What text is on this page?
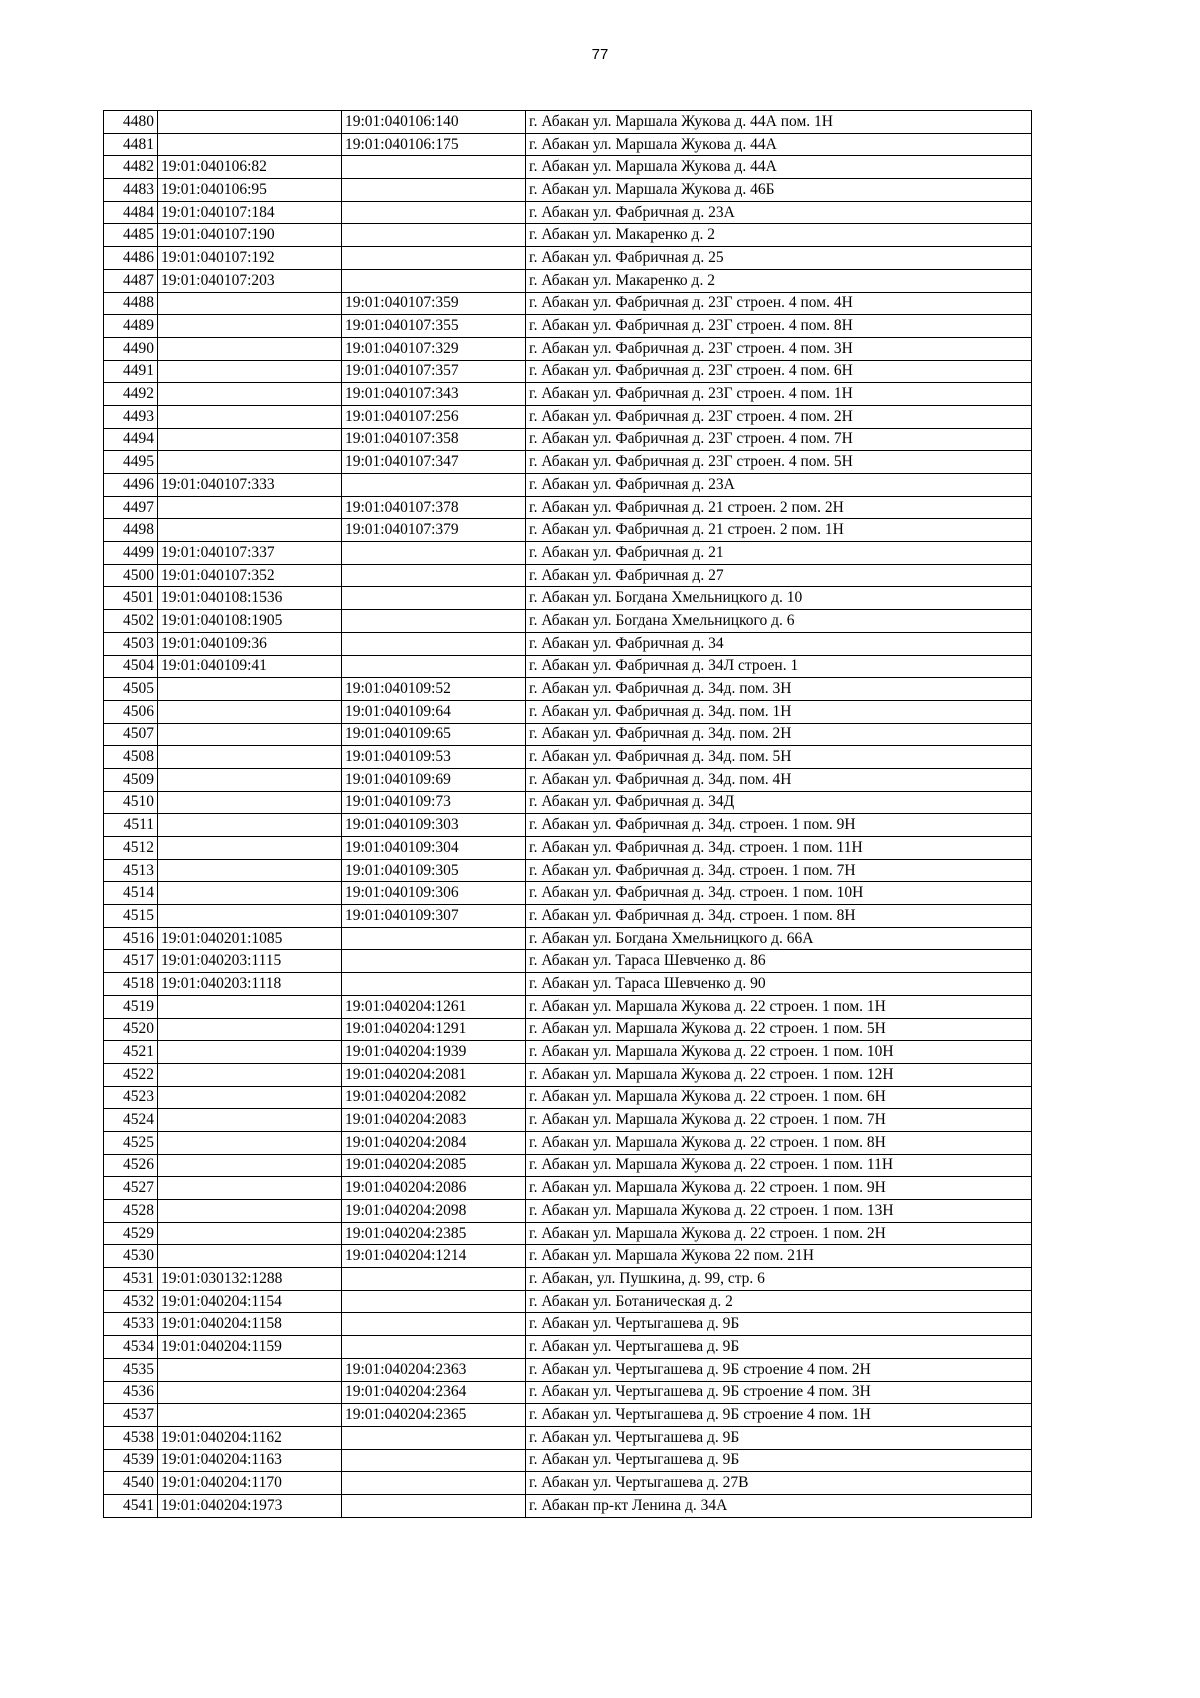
77
4480		19:01:040106:140	г. Абакан ул. Маршала Жукова д. 44А пом. 1Н
4481		19:01:040106:175	г. Абакан ул. Маршала Жукова д. 44А
4482	19:01:040106:82		г. Абакан ул. Маршала Жукова д. 44А
4483	19:01:040106:95		г. Абакан ул. Маршала Жукова д. 46Б
4484	19:01:040107:184		г. Абакан ул. Фабричная д. 23А
4485	19:01:040107:190		г. Абакан ул. Макаренко д. 2
4486	19:01:040107:192		г. Абакан ул. Фабричная д. 25
4487	19:01:040107:203		г. Абакан ул. Макаренко д. 2
4488		19:01:040107:359	г. Абакан ул. Фабричная д. 23Г строен. 4 пом. 4Н
4489		19:01:040107:355	г. Абакан ул. Фабричная д. 23Г строен. 4 пом. 8Н
4490		19:01:040107:329	г. Абакан ул. Фабричная д. 23Г строен. 4 пом. 3Н
4491		19:01:040107:357	г. Абакан ул. Фабричная д. 23Г строен. 4 пом. 6Н
4492		19:01:040107:343	г. Абакан ул. Фабричная д. 23Г строен. 4 пом. 1Н
4493		19:01:040107:256	г. Абакан ул. Фабричная д. 23Г строен. 4 пом. 2Н
4494		19:01:040107:358	г. Абакан ул. Фабричная д. 23Г строен. 4 пом. 7Н
4495		19:01:040107:347	г. Абакан ул. Фабричная д. 23Г строен. 4 пом. 5Н
4496	19:01:040107:333		г. Абакан ул. Фабричная д. 23А
4497		19:01:040107:378	г. Абакан ул. Фабричная д. 21 строен. 2 пом. 2Н
4498		19:01:040107:379	г. Абакан ул. Фабричная д. 21 строен. 2 пом. 1Н
4499	19:01:040107:337		г. Абакан ул. Фабричная д. 21
4500	19:01:040107:352		г. Абакан ул. Фабричная д. 27
4501	19:01:040108:1536		г. Абакан ул. Богдана Хмельницкого д. 10
4502	19:01:040108:1905		г. Абакан ул. Богдана Хмельницкого д. 6
4503	19:01:040109:36		г. Абакан ул. Фабричная д. 34
4504	19:01:040109:41		г. Абакан ул. Фабричная д. 34Л строен. 1
4505		19:01:040109:52	г. Абакан ул. Фабричная д. 34д. пом. 3Н
4506		19:01:040109:64	г. Абакан ул. Фабричная д. 34д. пом. 1Н
4507		19:01:040109:65	г. Абакан ул. Фабричная д. 34д. пом. 2Н
4508		19:01:040109:53	г. Абакан ул. Фабричная д. 34д. пом. 5Н
4509		19:01:040109:69	г. Абакан ул. Фабричная д. 34д. пом. 4Н
4510		19:01:040109:73	г. Абакан ул. Фабричная д. 34Д
4511		19:01:040109:303	г. Абакан ул. Фабричная д. 34д. строен. 1 пом. 9Н
4512		19:01:040109:304	г. Абакан ул. Фабричная д. 34д. строен. 1 пом. 11Н
4513		19:01:040109:305	г. Абакан ул. Фабричная д. 34д. строен. 1 пом. 7Н
4514		19:01:040109:306	г. Абакан ул. Фабричная д. 34д. строен. 1 пом. 10Н
4515		19:01:040109:307	г. Абакан ул. Фабричная д. 34д. строен. 1 пом. 8Н
4516	19:01:040201:1085		г. Абакан ул. Богдана Хмельницкого д. 66А
4517	19:01:040203:1115		г. Абакан ул. Тараса Шевченко д. 86
4518	19:01:040203:1118		г. Абакан ул. Тараса Шевченко д. 90
4519		19:01:040204:1261	г. Абакан ул. Маршала Жукова д. 22 строен. 1 пом. 1Н
4520		19:01:040204:1291	г. Абакан ул. Маршала Жукова д. 22 строен. 1 пом. 5Н
4521		19:01:040204:1939	г. Абакан ул. Маршала Жукова д. 22 строен. 1 пом. 10Н
4522		19:01:040204:2081	г. Абакан ул. Маршала Жукова д. 22 строен. 1 пом. 12Н
4523		19:01:040204:2082	г. Абакан ул. Маршала Жукова д. 22 строен. 1 пом. 6Н
4524		19:01:040204:2083	г. Абакан ул. Маршала Жукова д. 22 строен. 1 пом. 7Н
4525		19:01:040204:2084	г. Абакан ул. Маршала Жукова д. 22 строен. 1 пом. 8Н
4526		19:01:040204:2085	г. Абакан ул. Маршала Жукова д. 22 строен. 1 пом. 11Н
4527		19:01:040204:2086	г. Абакан ул. Маршала Жукова д. 22 строен. 1 пом. 9Н
4528		19:01:040204:2098	г. Абакан ул. Маршала Жукова д. 22 строен. 1 пом. 13Н
4529		19:01:040204:2385	г. Абакан ул. Маршала Жукова д. 22 строен. 1 пом. 2Н
4530		19:01:040204:1214	г. Абакан ул. Маршала Жукова 22 пом. 21Н
4531	19:01:030132:1288		г. Абакан, ул. Пушкина, д. 99, стр. 6
4532	19:01:040204:1154		г. Абакан ул. Ботаническая д. 2
4533	19:01:040204:1158		г. Абакан ул. Чертыгашева д. 9Б
4534	19:01:040204:1159		г. Абакан ул. Чертыгашева д. 9Б
4535		19:01:040204:2363	г. Абакан ул. Чертыгашева д. 9Б строение 4 пом. 2Н
4536		19:01:040204:2364	г. Абакан ул. Чертыгашева д. 9Б строение 4 пом. 3Н
4537		19:01:040204:2365	г. Абакан ул. Чертыгашева д. 9Б строение 4 пом. 1Н
4538	19:01:040204:1162		г. Абакан ул. Чертыгашева д. 9Б
4539	19:01:040204:1163		г. Абакан ул. Чертыгашева д. 9Б
4540	19:01:040204:1170		г. Абакан ул. Чертыгашева д. 27В
4541	19:01:040204:1973		г. Абакан пр-кт Ленина д. 34А
